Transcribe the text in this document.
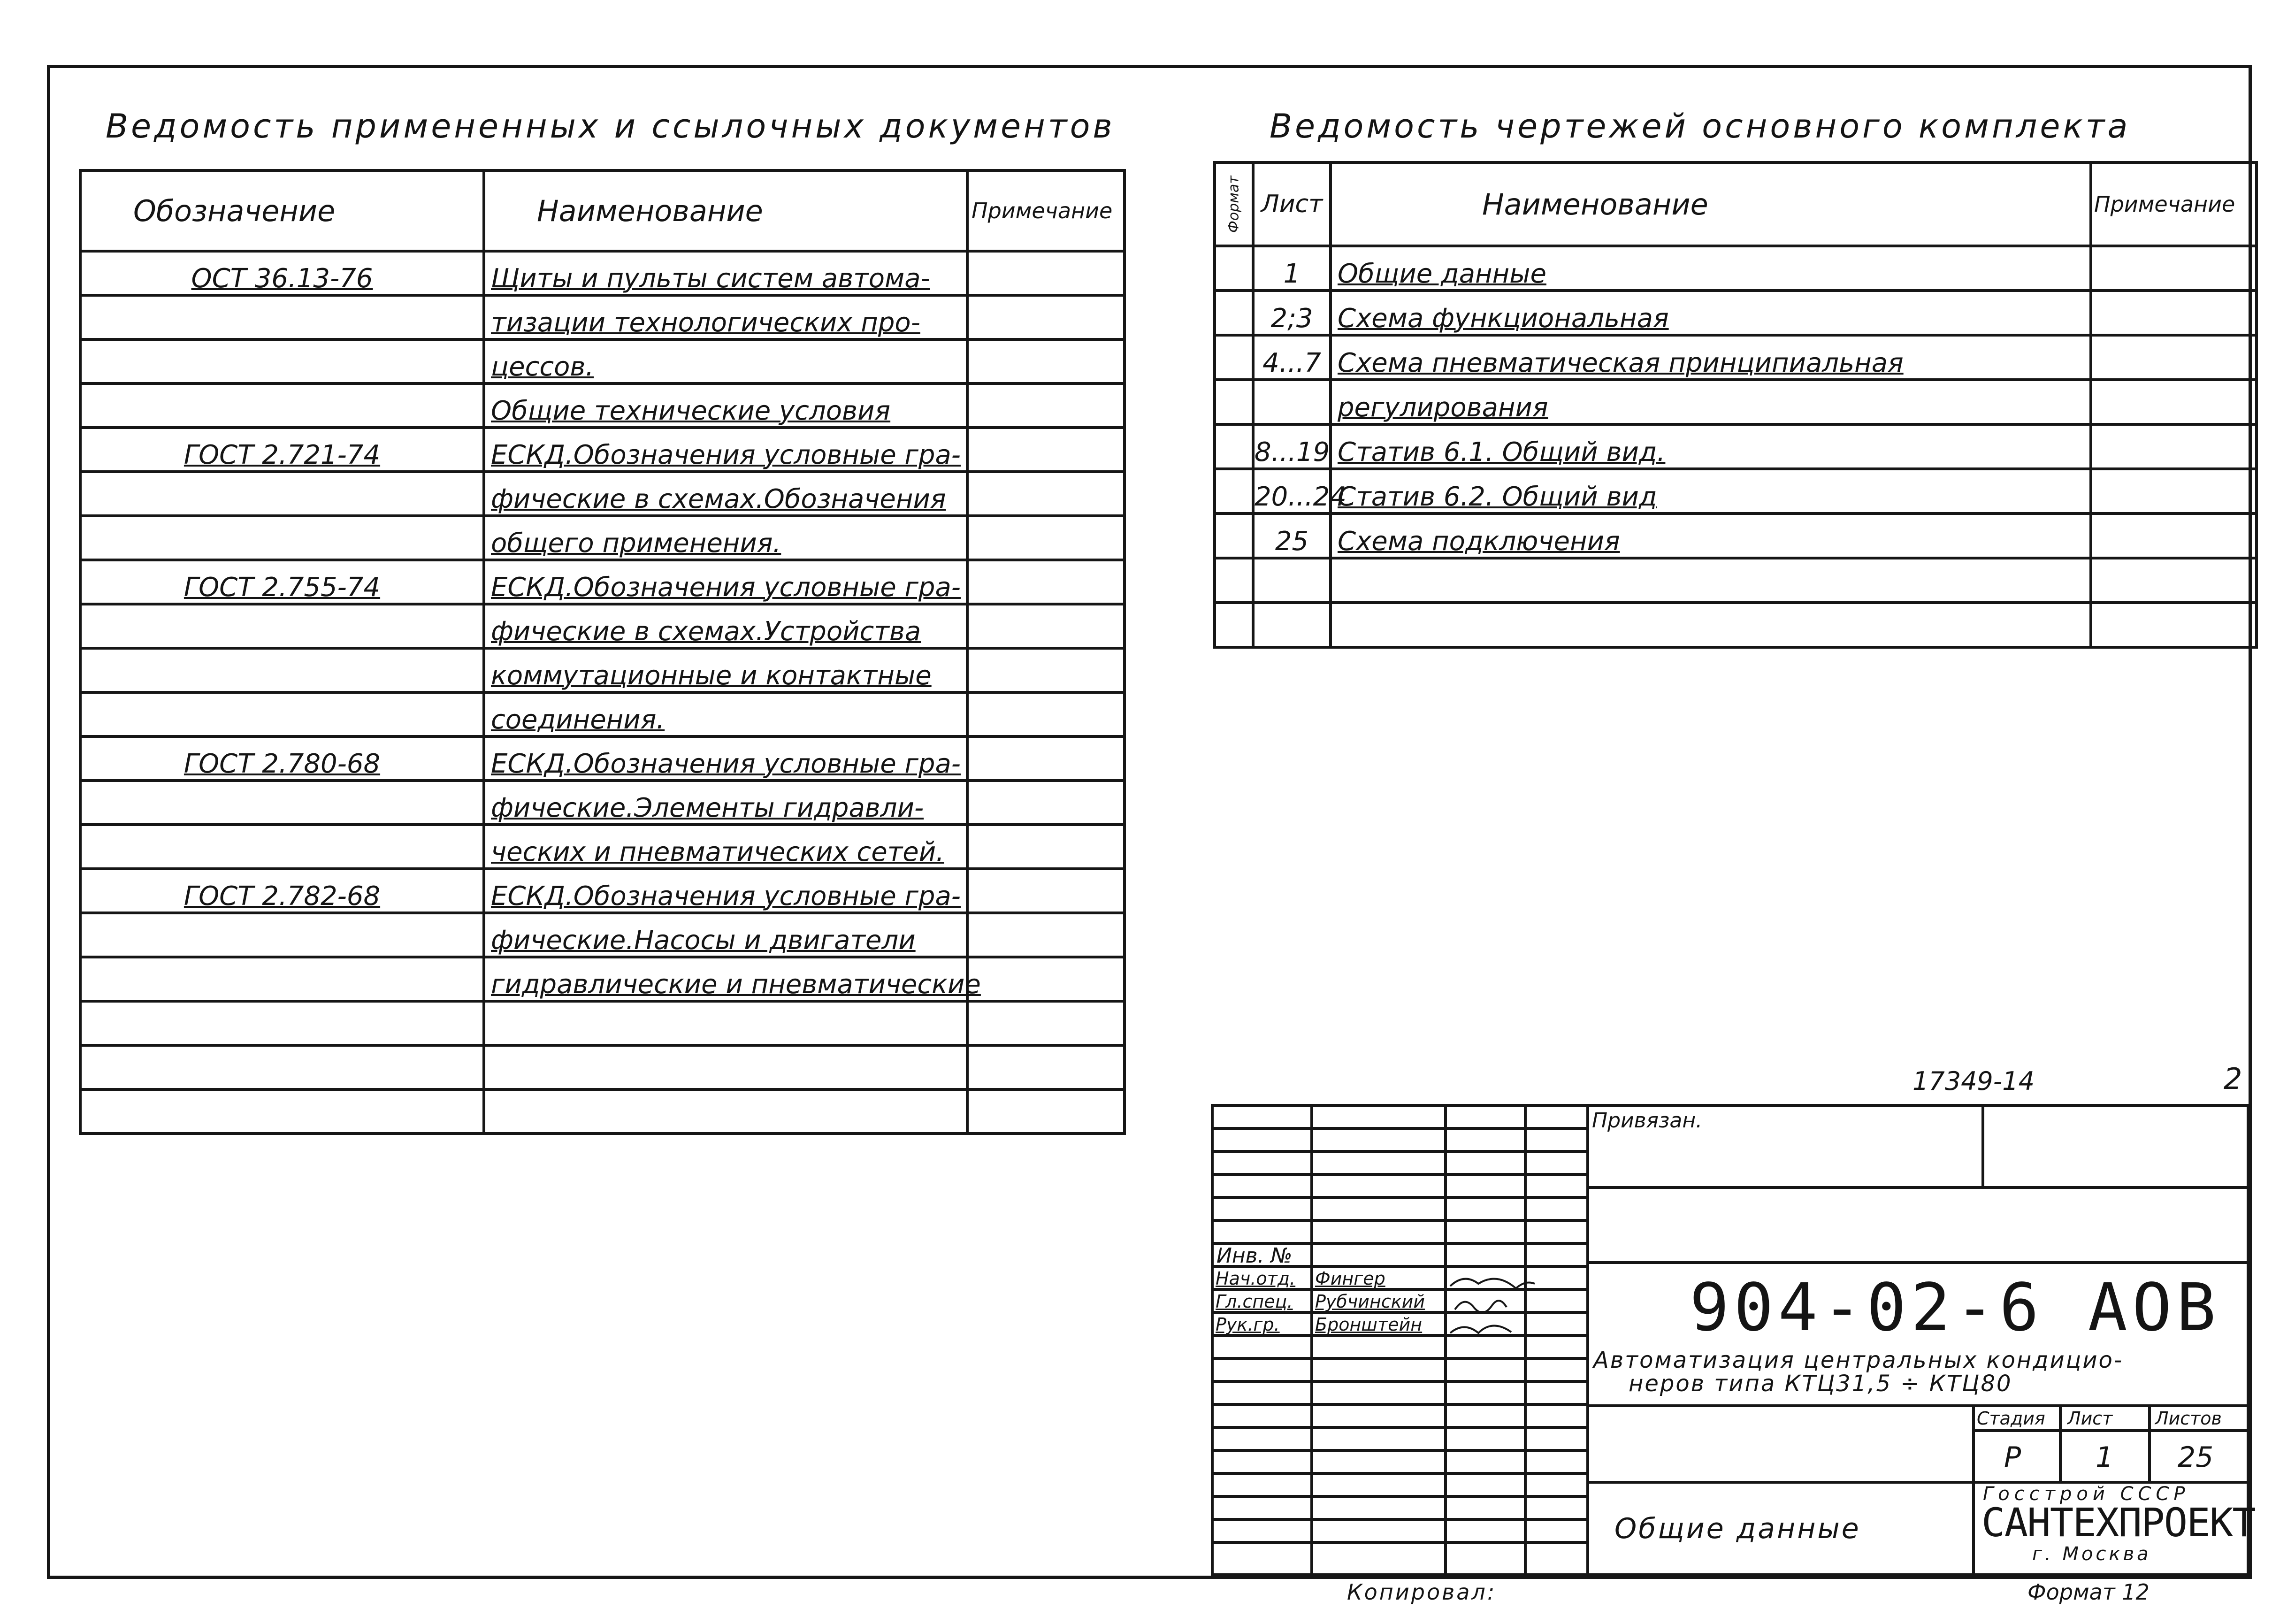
Ведомость примененных и ссылочных документов
Обозначение	Наименование	Примечание
ОСТ 36.13-76	Щиты и пульты систем автома-	
	тизации технологических про-	
	цессов.	
	Общие технические условия	
ГОСТ 2.721-74	ЕСКД.Обозначения условные гра-	
	фические в схемах.Обозначения	
	общего применения.	
ГОСТ 2.755-74	ЕСКД.Обозначения условные гра-	
	фические в схемах.Устройства	
	коммутационные и контактные	
	соединения.	
ГОСТ 2.780-68	ЕСКД.Обозначения условные гра-	
	фические.Элементы гидравли-	
	ческих и пневматических сетей.	
ГОСТ 2.782-68	ЕСКД.Обозначения условные гра-	
	фические.Насосы и двигатели	
	гидравлические и пневматические	

Ведомость чертежей основного комплекта
Формат	Лист	Наименование	Примечание
	1	Общие данные	
	2;3	Схема функциональная	
	4...7	Схема пневматическая принципиальная	
		регулирования	
	8...19	Статив 6.1. Общий вид.	
	20...24	Статив 6.2. Общий вид	
	25	Схема подключения	

17349-14	2
Привязан.
Инв. №
Нач.отд. Фингер
Гл.спец. Рубчинский
Рук.гр. Бронштейн	904-02-6 АОВ
Автоматизация центральных кондицио-
неров типа КТЦ31,5 ÷ КТЦ80
Стадия Лист Листов
Р	1 25
Общие данные
Госстрой СССР
САНТЕХПРОЕКТ
г. Москва
Копировал:	Формат 12
